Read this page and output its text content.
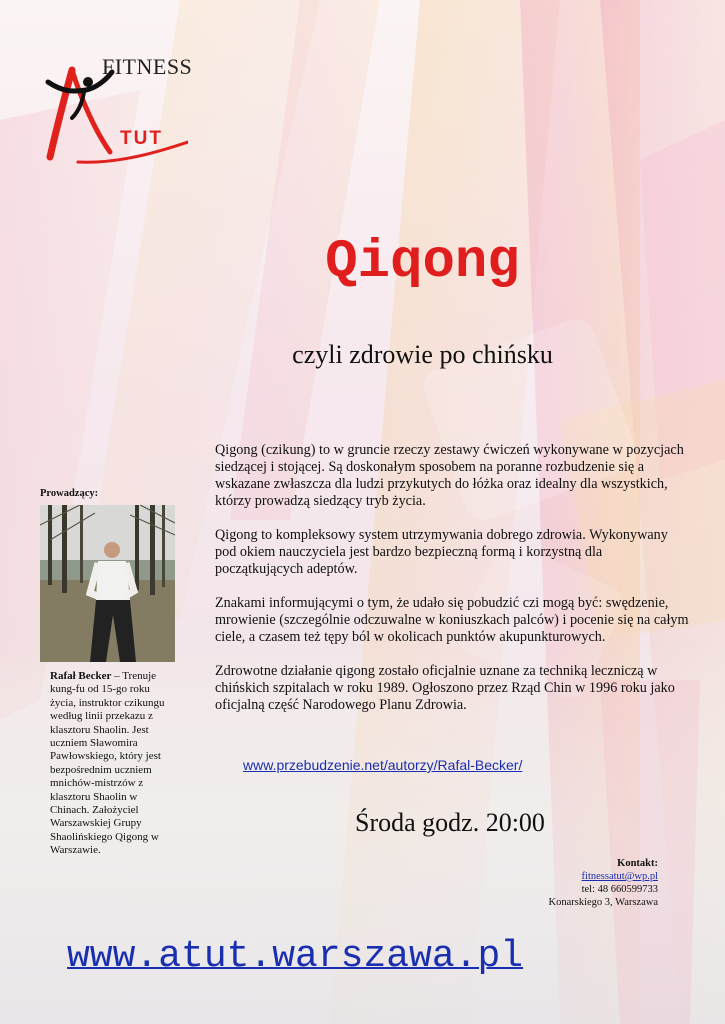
FITNESS
TUT
Qiqong
czyli zdrowie po chińsku

Qigong (czikung) to w gruncie rzeczy zestawy ćwiczeń wykonywane w pozycjach siedzącej i stojącej. Są doskonałym sposobem na poranne rozbudzenie się a wskazane zwłaszcza dla ludzi przykutych do łóżka oraz idealny dla wszystkich, którzy prowadzą siedzący tryb życia.

Qigong to kompleksowy system utrzymywania dobrego zdrowia. Wykonywany pod okiem nauczyciela jest bardzo bezpieczną formą i korzystną dla początkujących adeptów.

Znakami informującymi o tym, że udało się pobudzić czi mogą być: swędzenie, mrowienie (szczególnie odczuwalne w koniuszkach palców) i pocenie się na całym ciele, a czasem też tępy ból w okolicach punktów akupunkturowych.

Zdrowotne działanie qigong zostało oficjalnie uznane za techniką leczniczą w chińskich szpitalach w roku 1989. Ogłoszono przez Rząd Chin w 1996 roku jako oficjalną część Narodowego Planu Zdrowia.

www.przebudzenie.net/autorzy/Rafal-Becker/
Środa godz. 20:00
Kontakt:
fitnessatut@wp.pl
tel: 48 660599733
Konarskiego 3, Warszawa
Prowadzący:
Rafał Becker – Trenuje kung-fu od 15-go roku życia, instruktor czikungu według linii przekazu z klasztoru Shaolin. Jest uczniem Sławomira Pawłowskiego, który jest bezpośrednim uczniem mnichów-mistrzów z klasztoru Shaolin w Chinach. Założyciel Warszawskiej Grupy Shaolińskiego Qigong w Warszawie.
www.atut.warszawa.pl
